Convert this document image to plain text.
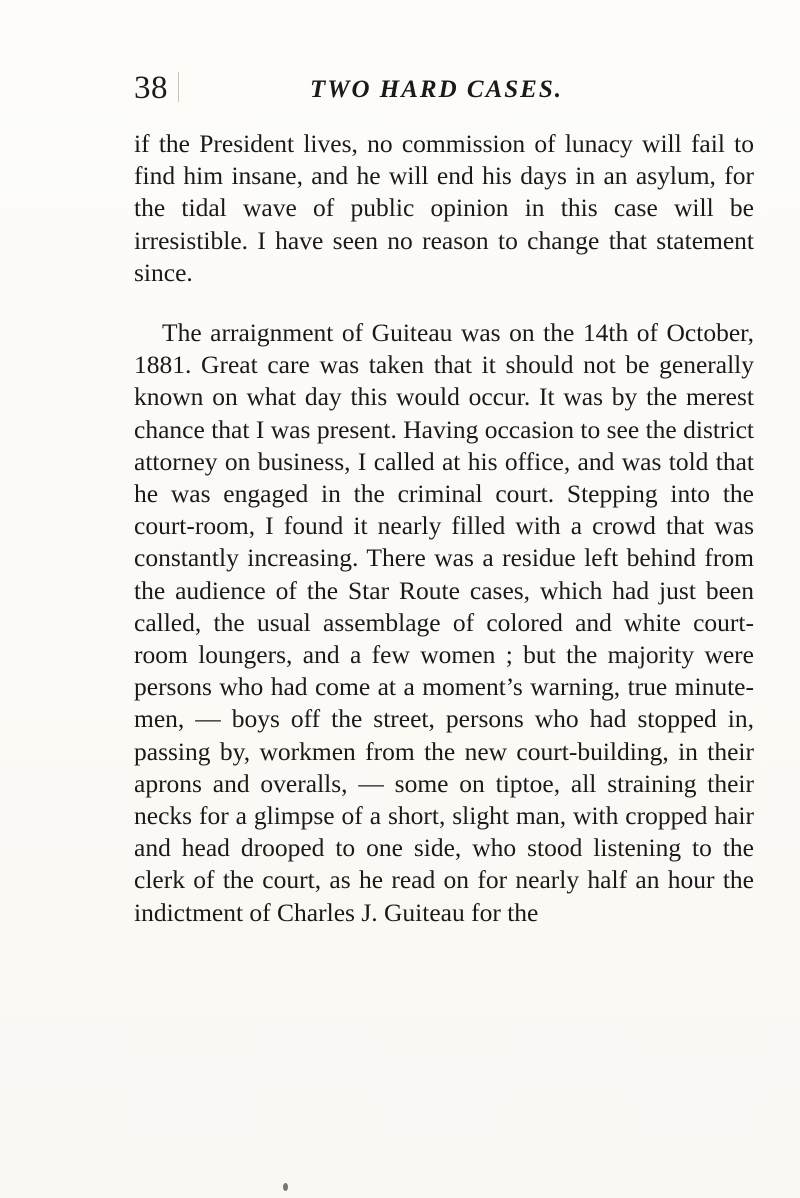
38	TWO HARD CASES.

if the President lives, no commission of lunacy will fail to find him insane, and he will end his days in an asylum, for the tidal wave of public opinion in this case will be irresistible. I have seen no reason to change that statement since.

The arraignment of Guiteau was on the 14th of October, 1881. Great care was taken that it should not be generally known on what day this would occur. It was by the merest chance that I was present. Having occasion to see the district attorney on business, I called at his office, and was told that he was engaged in the criminal court. Stepping into the court-room, I found it nearly filled with a crowd that was constantly increasing. There was a residue left behind from the audience of the Star Route cases, which had just been called, the usual assemblage of colored and white court-room loungers, and a few women ; but the majority were persons who had come at a moment’s warning, true minute-men, — boys off the street, persons who had stopped in, passing by, workmen from the new court-building, in their aprons and overalls, — some on tiptoe, all straining their necks for a glimpse of a short, slight man, with cropped hair and head drooped to one side, who stood listening to the clerk of the court, as he read on for nearly half an hour the indictment of Charles J. Guiteau for the
